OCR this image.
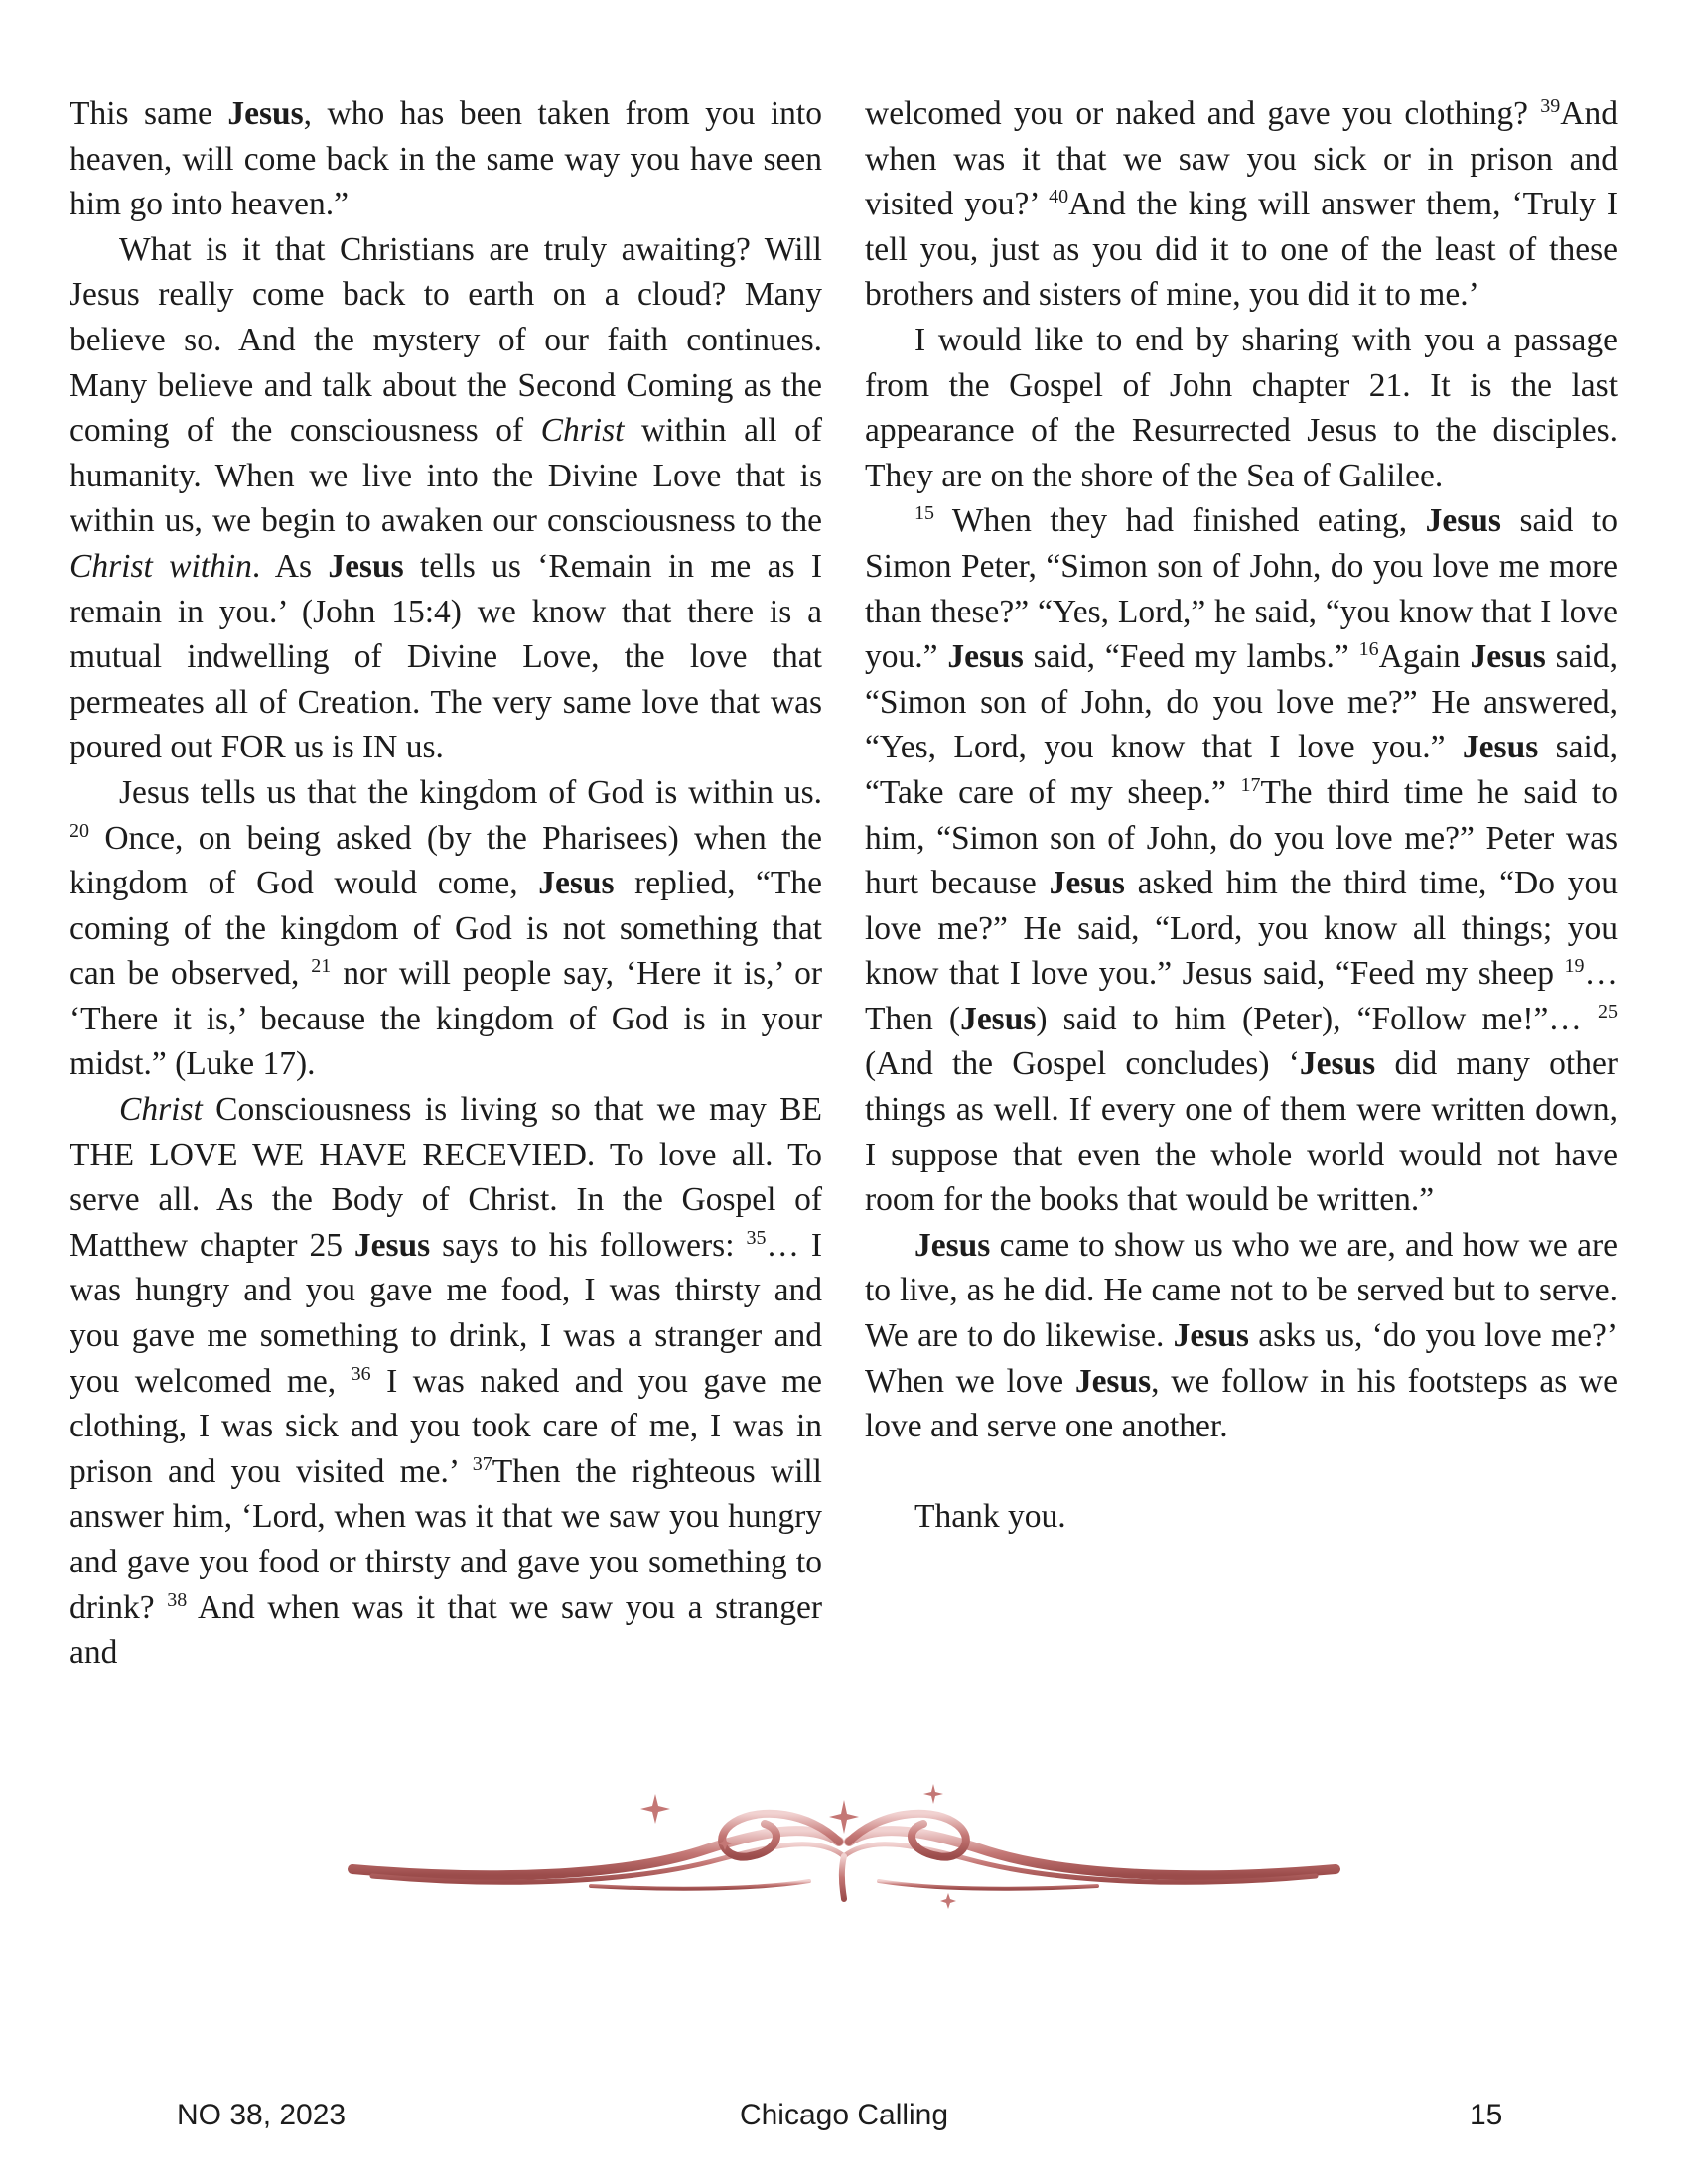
This same Jesus, who has been taken from you into heaven, will come back in the same way you have seen him go into heaven.”

What is it that Christians are truly awaiting? Will Jesus really come back to earth on a cloud? Many believe so. And the mystery of our faith continues. Many believe and talk about the Second Coming as the coming of the consciousness of Christ within all of humanity. When we live into the Divine Love that is within us, we begin to awaken our consciousness to the Christ within. As Jesus tells us ‘Remain in me as I remain in you.’ (John 15:4) we know that there is a mutual indwelling of Divine Love, the love that permeates all of Creation. The very same love that was poured out FOR us is IN us.

Jesus tells us that the kingdom of God is within us. $^{20}$ Once, on being asked (by the Pharisees) when the kingdom of God would come, Jesus replied, “The coming of the kingdom of God is not something that can be observed, $^{21}$ nor will people say, ‘Here it is,’ or ‘There it is,’ because the kingdom of God is in your midst.” (Luke 17).

Christ Consciousness is living so that we may BE THE LOVE WE HAVE RECEVIED. To love all. To serve all. As the Body of Christ. In the Gospel of Matthew chapter 25 Jesus says to his followers: $^{35}$… I was hungry and you gave me food, I was thirsty and you gave me something to drink, I was a stranger and you welcomed me, $^{36}$ I was naked and you gave me clothing, I was sick and you took care of me, I was in prison and you visited me.’ $^{37}$Then the righteous will answer him, ‘Lord, when was it that we saw you hungry and gave you food or thirsty and gave you something to drink? $^{38}$ And when was it that we saw you a stranger and

welcomed you or naked and gave you clothing? $^{39}$And when was it that we saw you sick or in prison and visited you?’ $^{40}$And the king will answer them, ‘Truly I tell you, just as you did it to one of the least of these brothers and sisters of mine, you did it to me.’

I would like to end by sharing with you a passage from the Gospel of John chapter 21. It is the last appearance of the Resurrected Jesus to the disciples. They are on the shore of the Sea of Galilee.

$^{15}$ When they had finished eating, Jesus said to Simon Peter, “Simon son of John, do you love me more than these?” “Yes, Lord,” he said, “you know that I love you.” Jesus said, “Feed my lambs.” $^{16}$Again Jesus said, “Simon son of John, do you love me?” He answered, “Yes, Lord, you know that I love you.” Jesus said, “Take care of my sheep.” $^{17}$The third time he said to him, “Simon son of John, do you love me?” Peter was hurt because Jesus asked him the third time, “Do you love me?” He said, “Lord, you know all things; you know that I love you.” Jesus said, “Feed my sheep $^{19}$… Then (Jesus) said to him (Peter), “Follow me!”… $^{25}$ (And the Gospel concludes) ‘Jesus did many other things as well. If every one of them were written down, I suppose that even the whole world would not have room for the books that would be written.”

Jesus came to show us who we are, and how we are to live, as he did. He came not to be served but to serve. We are to do likewise. Jesus asks us, ‘do you love me?’ When we love Jesus, we follow in his footsteps as we love and serve one another.

Thank you.

NO 38, 2023	Chicago Calling	15
